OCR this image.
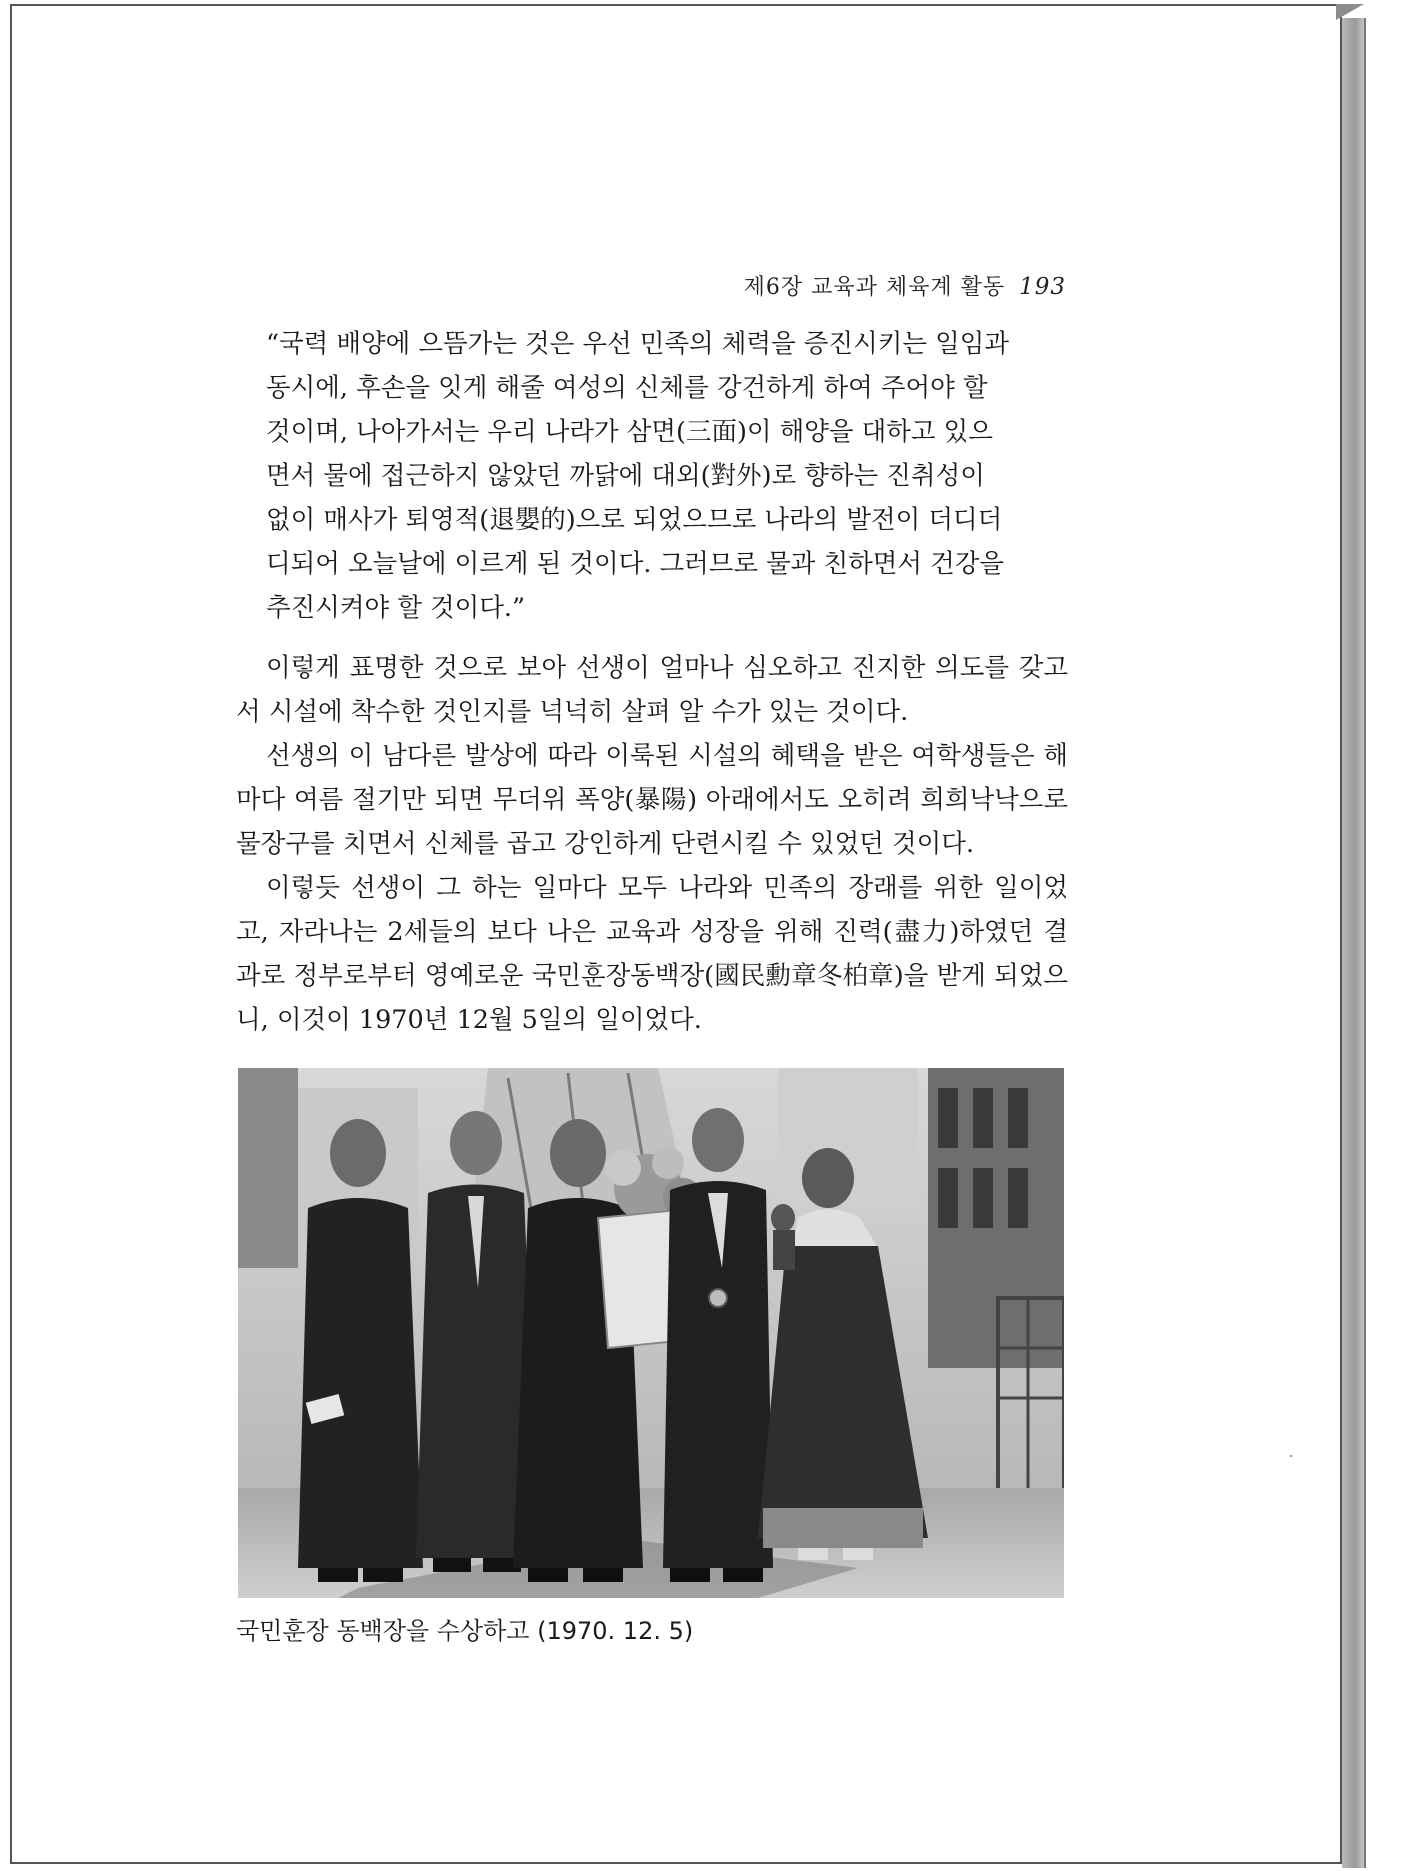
제6장 교육과 체육계 활동 193
“국력 배양에 으뜸가는 것은 우선 민족의 체력을 증진시키는 일임과
동시에, 후손을 잇게 해줄 여성의 신체를 강건하게 하여 주어야 할
것이며, 나아가서는 우리 나라가 삼면(三面)이 해양을 대하고 있으
면서 물에 접근하지 않았던 까닭에 대외(對外)로 향하는 진취성이
없이 매사가 퇴영적(退嬰的)으로 되었으므로 나라의 발전이 더디더
디되어 오늘날에 이르게 된 것이다. 그러므로 물과 친하면서 건강을
추진시켜야 할 것이다.”

이렇게 표명한 것으로 보아 선생이 얼마나 심오하고 진지한 의도를 갖고서 시설에 착수한 것인지를 넉넉히 살펴 알 수가 있는 것이다.

선생의 이 남다른 발상에 따라 이룩된 시설의 혜택을 받은 여학생들은 해마다 여름 절기만 되면 무더위 폭양(暴陽) 아래에서도 오히려 희희낙낙으로 물장구를 치면서 신체를 곱고 강인하게 단련시킬 수 있었던 것이다.

이렇듯 선생이 그 하는 일마다 모두 나라와 민족의 장래를 위한 일이었고, 자라나는 2세들의 보다 나은 교육과 성장을 위해 진력(盡力)하였던 결과로 정부로부터 영예로운 국민훈장동백장(國民勳章冬柏章)을 받게 되었으니, 이것이 1970년 12월 5일의 일이었다.

국민훈장 동백장을 수상하고 (1970. 12. 5)
